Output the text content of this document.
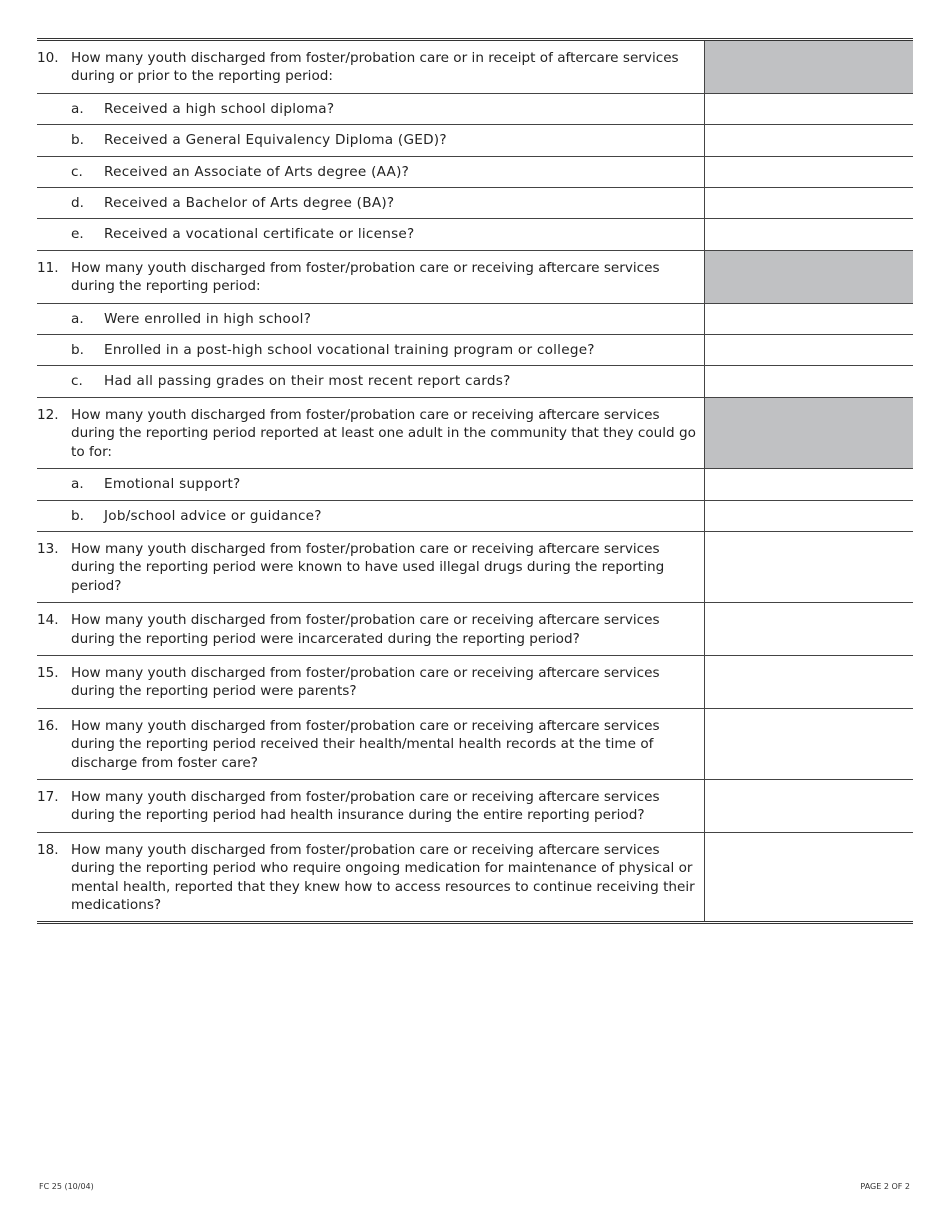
10. How many youth discharged from foster/probation care or in receipt of aftercare services during or prior to the reporting period:	

a. Received a high school diploma?	

b. Received a General Equivalency Diploma (GED)?	

c. Received an Associate of Arts degree (AA)?	

d. Received a Bachelor of Arts degree (BA)?	

e. Received a vocational certificate or license?	

11. How many youth discharged from foster/probation care or receiving aftercare services during the reporting period:	

a. Were enrolled in high school?	

b. Enrolled in a post-high school vocational training program or college?	

c. Had all passing grades on their most recent report cards?	

12. How many youth discharged from foster/probation care or receiving aftercare services during the reporting period reported at least one adult in the community that they could go to for:	

a. Emotional support?	

b. Job/school advice or guidance?	

13. How many youth discharged from foster/probation care or receiving aftercare services during the reporting period were known to have used illegal drugs during the reporting period?	

14. How many youth discharged from foster/probation care or receiving aftercare services during the reporting period were incarcerated during the reporting period?	

15. How many youth discharged from foster/probation care or receiving aftercare services during the reporting period were parents?	

16. How many youth discharged from foster/probation care or receiving aftercare services during the reporting period received their health/mental health records at the time of discharge from foster care?	

17. How many youth discharged from foster/probation care or receiving aftercare services during the reporting period had health insurance during the entire reporting period?	

18. How many youth discharged from foster/probation care or receiving aftercare services during the reporting period who require ongoing medication for maintenance of physical or mental health, reported that they knew how to access resources to continue receiving their medications?	

FC 25 (10/04)	PAGE 2 OF 2
